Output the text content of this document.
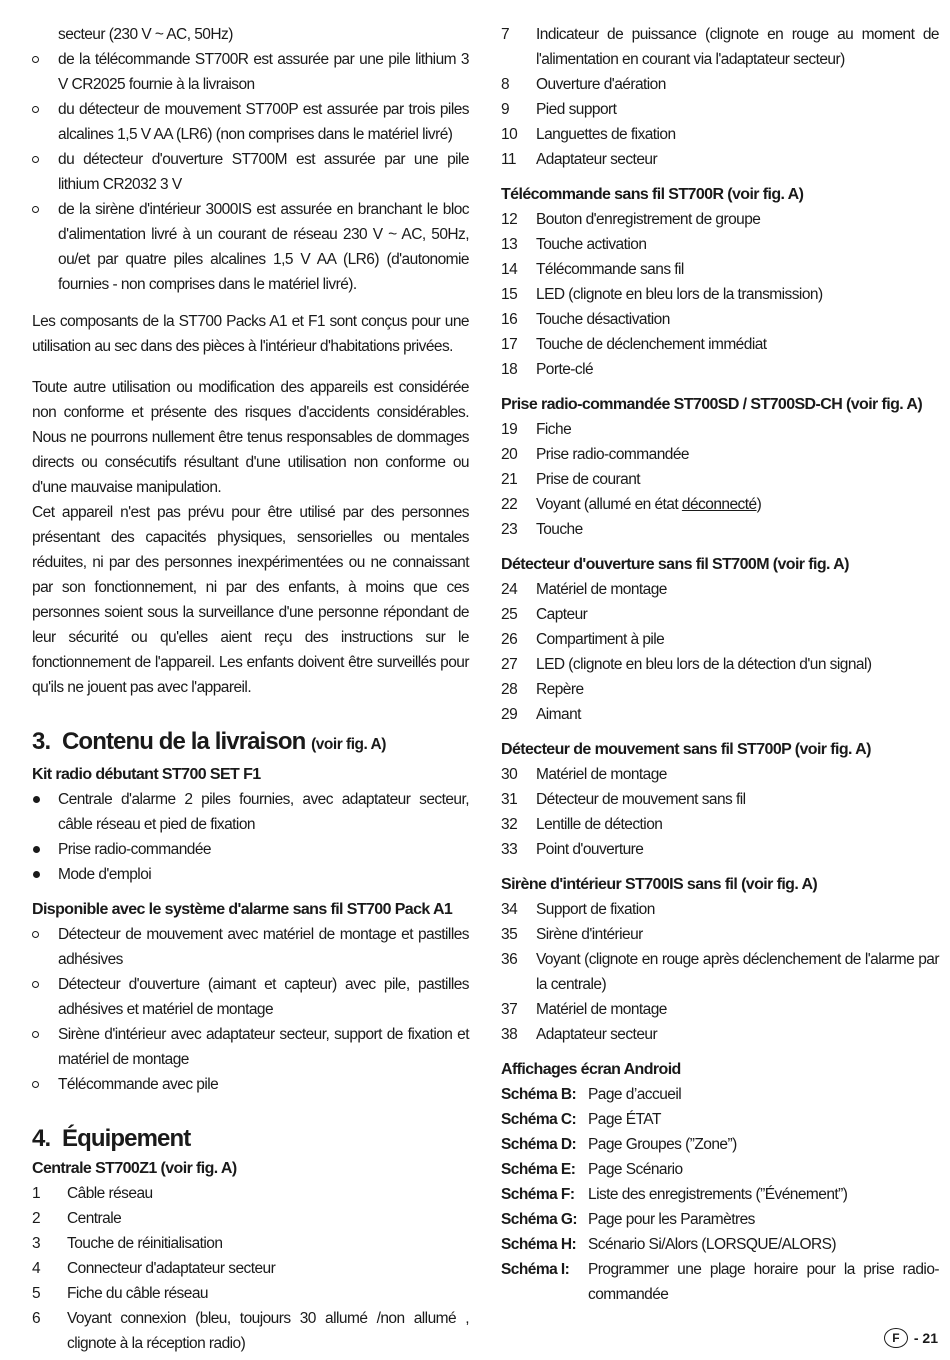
secteur (230 V ~ AC, 50Hz)

de la télécommande ST700R est assurée par une pile lithium 3 V CR2025 fournie à la livraison
du détecteur de mouvement ST700P est assurée par trois piles alcalines 1,5 V AA (LR6) (non comprises dans le matériel livré)
du détecteur d'ouverture ST700M est assurée par une pile lithium CR2032 3 V
de la sirène d'intérieur 3000IS est assurée en branchant le bloc d'alimentation livré à un courant de réseau 230 V ~ AC, 50Hz, ou/et par quatre piles alcalines 1,5 V AA (LR6) (d'autonomie fournies - non comprises dans le matériel livré).

Les composants de la ST700 Packs A1 et F1 sont conçus pour une utilisation au sec dans des pièces à l'intérieur d'habitations privées.

Toute autre utilisation ou modification des appareils est considérée non conforme et présente des risques d'accidents considérables. Nous ne pourrons nullement être tenus responsables de dommages directs ou consécutifs résultant d'une utilisation non conforme ou d'une mauvaise manipulation.

Cet appareil n'est pas prévu pour être utilisé par des personnes présentant des capacités physiques, sensorielles ou mentales réduites, ni par des personnes inexpérimentées ou ne connaissant par son fonctionnement, ni par des enfants, à moins que ces personnes soient sous la surveillance d'une personne répondant de leur sécurité ou qu'elles aient reçu des instructions sur le fonctionnement de l'appareil. Les enfants doivent être surveillés pour qu'ils ne jouent pas avec l'appareil.

3. Contenu de la livraison (voir fig. A)
Kit radio débutant ST700 SET F1
Centrale d'alarme 2 piles fournies, avec adaptateur secteur, câble réseau et pied de fixation
Prise radio-commandée
Mode d'emploi
Disponible avec le système d'alarme sans fil ST700 Pack A1
Détecteur de mouvement avec matériel de montage et pastilles adhésives
Détecteur d'ouverture (aimant et capteur) avec pile, pastilles adhésives et matériel de montage
Sirène d'intérieur avec adaptateur secteur, support de fixation et matériel de montage
Télécommande avec pile
4. Équipement
Centrale ST700Z1 (voir fig. A)
1	Câble réseau
2	Centrale
3	Touche de réinitialisation
4	Connecteur d'adaptateur secteur
5	Fiche du câble réseau
6	Voyant connexion (bleu, toujours 30 allumé /non allumé , clignote à la réception radio)
7	Indicateur de puissance (clignote en rouge au moment de l'alimentation en courant via l'adaptateur secteur)
8	Ouverture d'aération
9	Pied support
10	Languettes de fixation
11	Adaptateur secteur
Télécommande sans fil ST700R (voir fig. A)
12	Bouton d'enregistrement de groupe
13	Touche activation
14	Télécommande sans fil
15	LED (clignote en bleu lors de la transmission)
16	Touche désactivation
17	Touche de déclenchement immédiat
18	Porte-clé
Prise radio-commandée ST700SD / ST700SD-CH (voir fig. A)
19	Fiche
20	Prise radio-commandée
21	Prise de courant
22	Voyant (allumé en état déconnecté)
23	Touche
Détecteur d'ouverture sans fil ST700M (voir fig. A)
24	Matériel de montage
25	Capteur
26	Compartiment à pile
27	LED (clignote en bleu lors de la détection d'un signal)
28	Repère
29	Aimant
Détecteur de mouvement sans fil ST700P (voir fig. A)
30	Matériel de montage
31	Détecteur de mouvement sans fil
32	Lentille de détection
33	Point d'ouverture
Sirène d'intérieur ST700IS sans fil (voir fig. A)
34	Support de fixation
35	Sirène d'intérieur
36	Voyant (clignote en rouge après déclenchement de l'alarme par la centrale)
37	Matériel de montage
38	Adaptateur secteur
Affichages écran Android
Schéma B: Page d’accueil
Schéma C: Page ÉTAT
Schéma D: Page Groupes (”Zone”)
Schéma E: Page Scénario
Schéma F: Liste des enregistrements (”Événement”)
Schéma G: Page pour les Paramètres
Schéma H: Scénario Si/Alors (LORSQUE/ALORS)
Schéma I:	Programmer une plage horaire pour la prise radio-commandée
F	- 21
